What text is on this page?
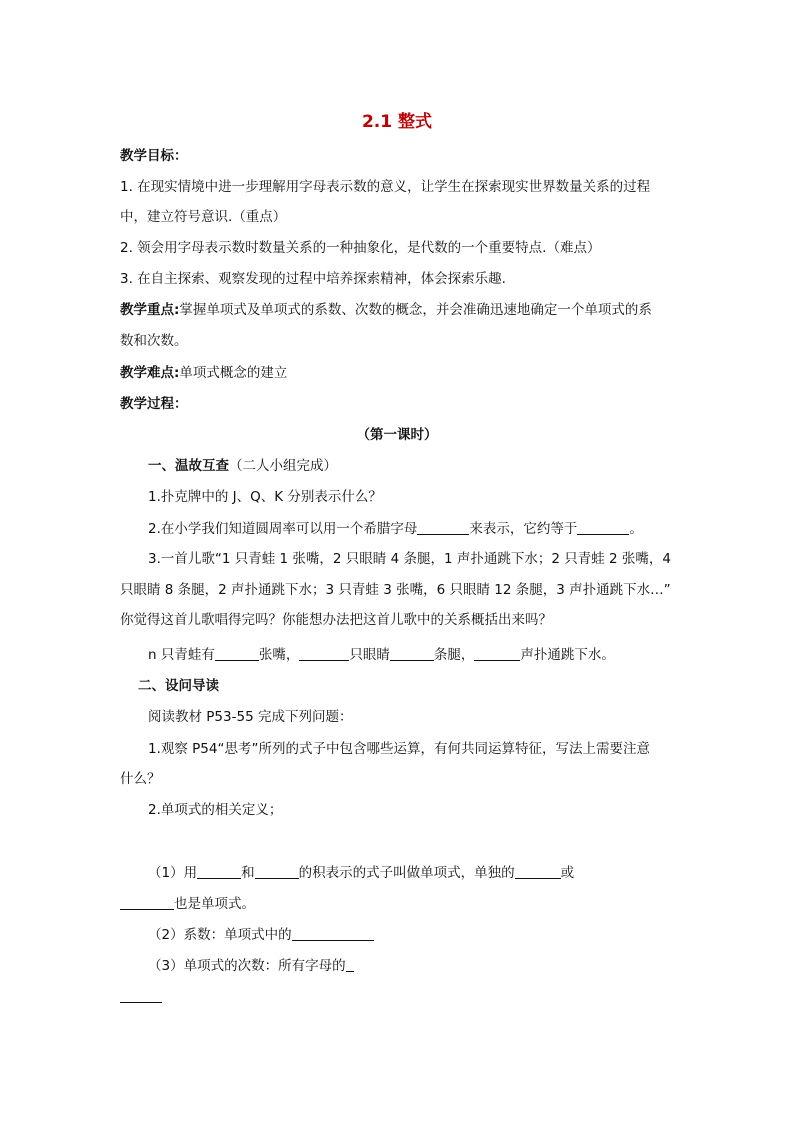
2.1 整式
教学目标：
1. 在现实情境中进一步理解用字母表示数的意义，让学生在探索现实世界数量关系的过程
中，建立符号意识.（重点）
2. 领会用字母表示数时数量关系的一种抽象化，是代数的一个重要特点.（难点）
3. 在自主探索、观察发现的过程中培养探索精神，体会探索乐趣.
教学重点:掌握单项式及单项式的系数、次数的概念，并会准确迅速地确定一个单项式的系
数和次数。
教学难点:单项式概念的建立
教学过程：
（第一课时）
一、温故互查（二人小组完成）
1.扑克牌中的 J、Q、K 分别表示什么？
2.在小学我们知道圆周率可以用一个希腊字母	来表示，它约等于	。
3.一首儿歌“1 只青蛙 1 张嘴，2 只眼睛 4 条腿，1 声扑通跳下水；2 只青蛙 2 张嘴，4
只眼睛 8 条腿，2 声扑通跳下水；3 只青蛙 3 张嘴，6 只眼睛 12 条腿，3 声扑通跳下水…”
你觉得这首儿歌唱得完吗？你能想办法把这首儿歌中的关系概括出来吗？
n 只青蛙有	张嘴，	只眼睛	条腿，	声扑通跳下水。
二、设问导读
阅读教材 P53-55 完成下列问题：
1.观察 P54“思考”所列的式子中包含哪些运算，有何共同运算特征，写法上需要注意
什么？
2.单项式的相关定义；
（1）用	和	的积表示的式子叫做单项式，单独的	或
也是单项式。
（2）系数：单项式中的
（3）单项式的次数：所有字母的
